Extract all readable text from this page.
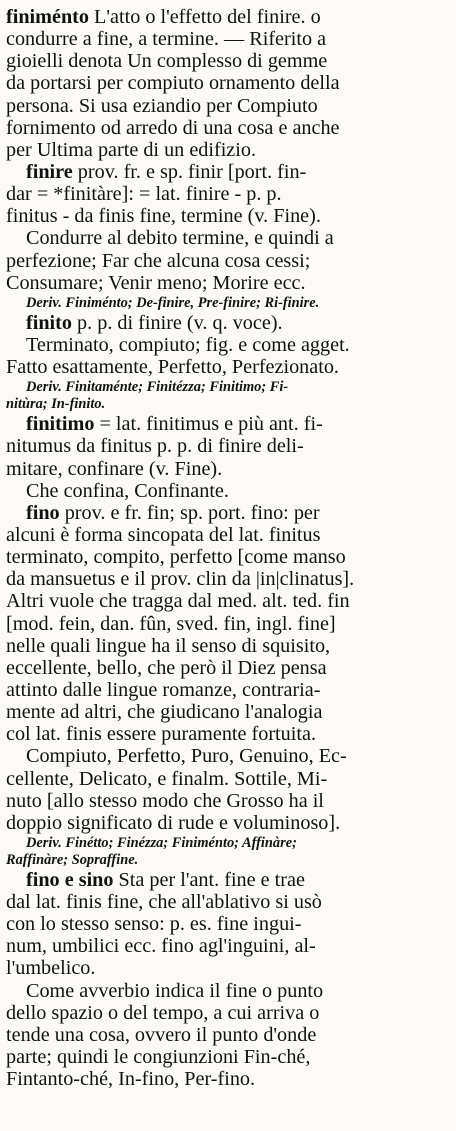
finiménto L'atto o l'effetto del finire. o
condurre a fine, a termine. — Riferito a
gioielli denota Un complesso di gemme
da portarsi per compiuto ornamento della
persona. Si usa eziandio per Compiuto
fornimento od arredo di una cosa e anche
per Ultima parte di un edifizio.
finire prov. fr. e sp. finir [port. fin-
dar = *finitàre]: = lat. finire - p. p.
finitus - da finis fine, termine (v. Fine).
Condurre al debito termine, e quindi a
perfezione; Far che alcuna cosa cessi;
Consumare; Venir meno; Morire ecc.
Deriv. Finiménto; De-finire, Pre-finire; Ri-finire.
finito p. p. di finire (v. q. voce).
Terminato, compiuto; fig. e come agget.
Fatto esattamente, Perfetto, Perfezionato.
Deriv. Finitaménte; Finitézza; Finitimo; Fi-
nitùra; In-finito.
finitimo = lat. finitimus e più ant. fi-
nitumus da finitus p. p. di finire deli-
mitare, confinare (v. Fine).
Che confina, Confinante.
fino prov. e fr. fin; sp. port. fino: per
alcuni è forma sincopata del lat. finitus
terminato, compito, perfetto [come manso
da mansuetus e il prov. clin da |in|clinatus].
Altri vuole che tragga dal med. alt. ted. fin
[mod. fein, dan. fûn, sved. fin, ingl. fine]
nelle quali lingue ha il senso di squisito,
eccellente, bello, che però il Diez pensa
attinto dalle lingue romanze, contraria-
mente ad altri, che giudicano l'analogia
col lat. finis essere puramente fortuita.
Compiuto, Perfetto, Puro, Genuino, Ec-
cellente, Delicato, e finalm. Sottile, Mi-
nuto [allo stesso modo che Grosso ha il
doppio significato di rude e voluminoso].
Deriv. Finétto; Finézza; Finiménto; Affinàre;
Raffinàre; Sopraffine.
fino e sino Sta per l'ant. fine e trae
dal lat. finis fine, che all'ablativo si usò
con lo stesso senso: p. es. fine ingui-
num, umbilici ecc. fino agl'inguini, al-
l'umbelico.
Come avverbio indica il fine o punto
dello spazio o del tempo, a cui arriva o
tende una cosa, ovvero il punto d'onde
parte; quindi le congiunzioni Fin-ché,
Fintanto-ché, In-fino, Per-fino.
